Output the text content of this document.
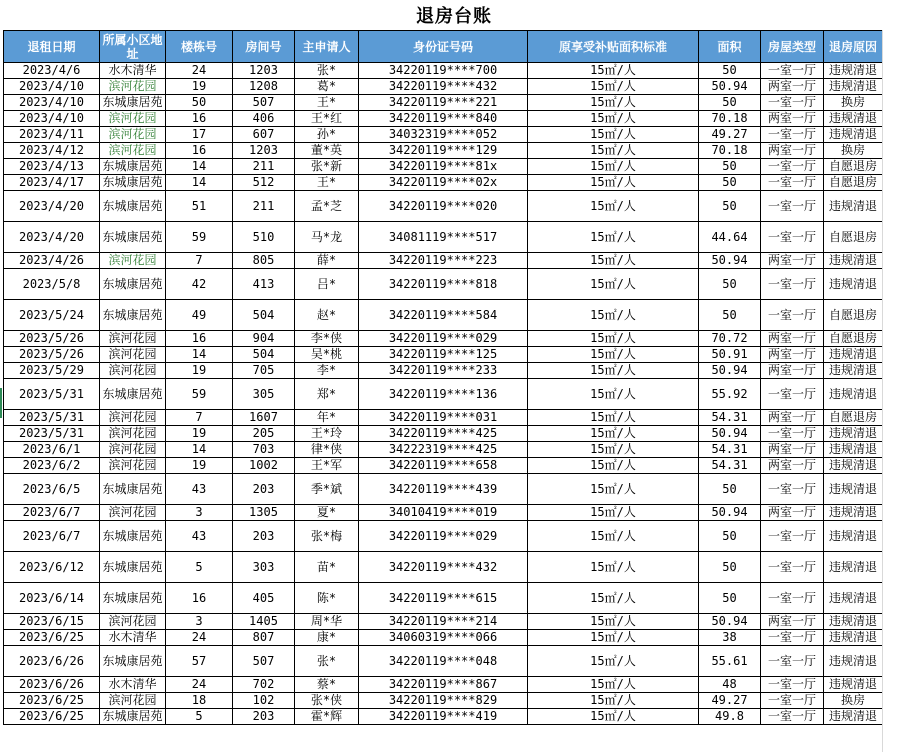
退房台账
退租日期	所属小区地址	楼栋号	房间号	主申请人	身份证号码	原享受补贴面积标准	面积	房屋类型	退房原因
2023/4/6	水木清华	24	1203	张*	34220119****700	15㎡/人	50	一室一厅	违规清退
2023/4/10	滨河花园	19	1208	葛*	34220119****432	15㎡/人	50.94	两室一厅	违规清退
2023/4/10	东城康居苑	50	507	王*	34220119****221	15㎡/人	50	一室一厅	换房
2023/4/10	滨河花园	16	406	王*红	34220119****840	15㎡/人	70.18	两室一厅	违规清退
2023/4/11	滨河花园	17	607	孙*	34032319****052	15㎡/人	49.27	一室一厅	违规清退
2023/4/12	滨河花园	16	1203	董*英	34220119****129	15㎡/人	70.18	两室一厅	换房
2023/4/13	东城康居苑	14	211	张*新	34220119****81x	15㎡/人	50	一室一厅	自愿退房
2023/4/17	东城康居苑	14	512	王*	34220119****02x	15㎡/人	50	一室一厅	自愿退房
2023/4/20	东城康居苑	51	211	孟*芝	34220119****020	15㎡/人	50	一室一厅	违规清退
2023/4/20	东城康居苑	59	510	马*龙	34081119****517	15㎡/人	44.64	一室一厅	自愿退房
2023/4/26	滨河花园	7	805	薛*	34220119****223	15㎡/人	50.94	两室一厅	违规清退
2023/5/8	东城康居苑	42	413	吕*	34220119****818	15㎡/人	50	一室一厅	违规清退
2023/5/24	东城康居苑	49	504	赵*	34220119****584	15㎡/人	50	一室一厅	自愿退房
2023/5/26	滨河花园	16	904	李*侠	34220119****029	15㎡/人	70.72	两室一厅	自愿退房
2023/5/26	滨河花园	14	504	吴*桃	34220119****125	15㎡/人	50.91	两室一厅	违规清退
2023/5/29	滨河花园	19	705	李*	34220119****233	15㎡/人	50.94	两室一厅	违规清退
2023/5/31	东城康居苑	59	305	郑*	34220119****136	15㎡/人	55.92	一室一厅	违规清退
2023/5/31	滨河花园	7	1607	年*	34220119****031	15㎡/人	54.31	两室一厅	自愿退房
2023/5/31	滨河花园	19	205	王*玲	34220119****425	15㎡/人	50.94	一室一厅	违规清退
2023/6/1	滨河花园	14	703	律*侠	34222319****425	15㎡/人	54.31	两室一厅	违规清退
2023/6/2	滨河花园	19	1002	王*军	34220119****658	15㎡/人	54.31	两室一厅	违规清退
2023/6/5	东城康居苑	43	203	季*斌	34220119****439	15㎡/人	50	一室一厅	违规清退
2023/6/7	滨河花园	3	1305	夏*	34010419****019	15㎡/人	50.94	两室一厅	违规清退
2023/6/7	东城康居苑	43	203	张*梅	34220119****029	15㎡/人	50	一室一厅	违规清退
2023/6/12	东城康居苑	5	303	苗*	34220119****432	15㎡/人	50	一室一厅	违规清退
2023/6/14	东城康居苑	16	405	陈*	34220119****615	15㎡/人	50	一室一厅	违规清退
2023/6/15	滨河花园	3	1405	周*华	34220119****214	15㎡/人	50.94	两室一厅	违规清退
2023/6/25	水木清华	24	807	康*	34060319****066	15㎡/人	38	一室一厅	违规清退
2023/6/26	东城康居苑	57	507	张*	34220119****048	15㎡/人	55.61	一室一厅	违规清退
2023/6/26	水木清华	24	702	蔡*	34220119****867	15㎡/人	48	一室一厅	违规清退
2023/6/25	滨河花园	18	102	张*侠	34220119****829	15㎡/人	49.27	一室一厅	换房
2023/6/25	东城康居苑	5	203	霍*辉	34220119****419	15㎡/人	49.8	一室一厅	违规清退
